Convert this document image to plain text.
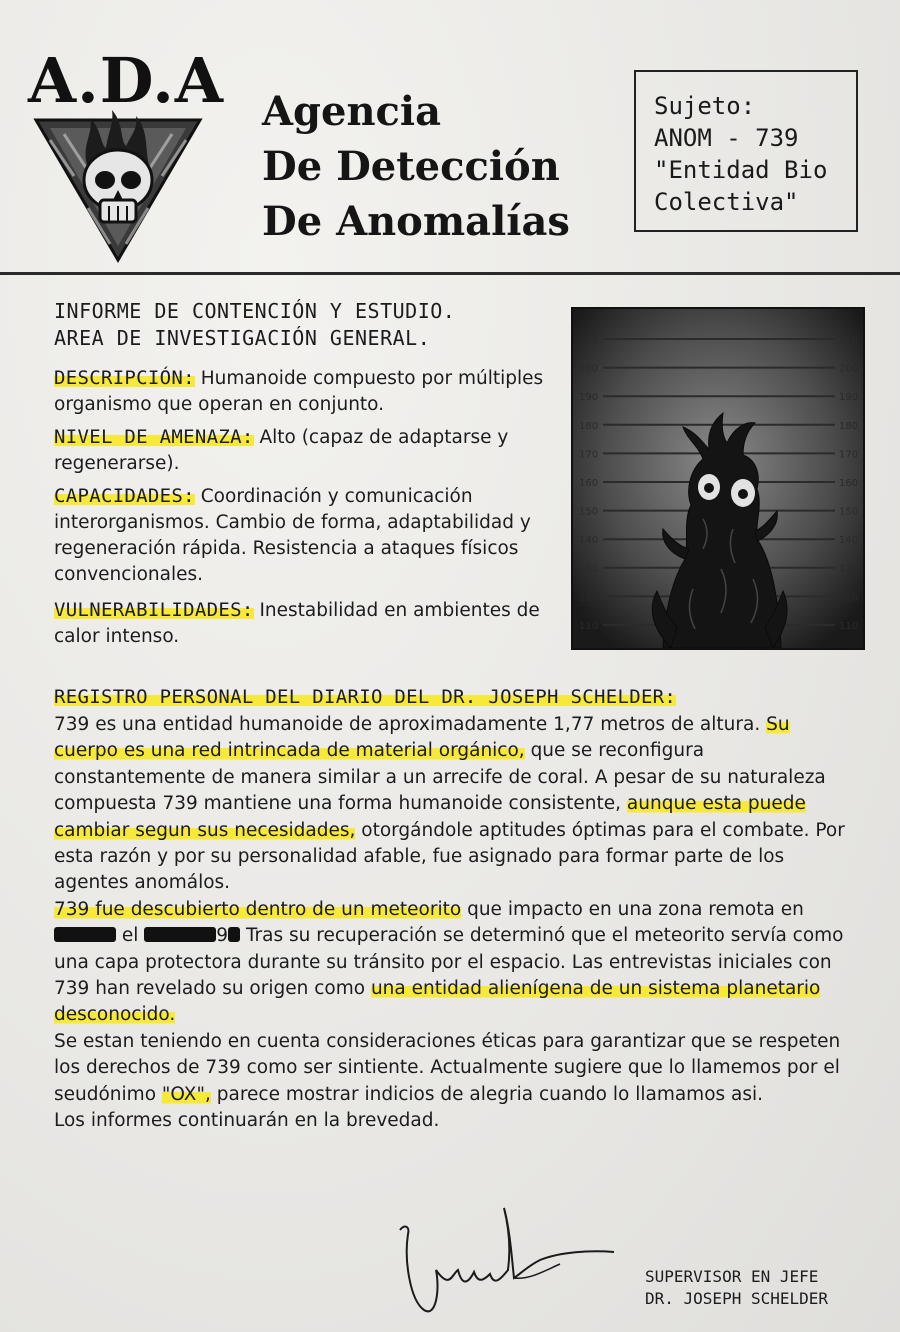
A.D.A Agencia
De Detección
De Anomalías
Sujeto:
ANOM - 739
"Entidad Bio
Colectiva"
INFORME DE CONTENCIÓN Y ESTUDIO.
AREA DE INVESTIGACIÓN GENERAL.
DESCRIPCIÓN: Humanoide compuesto por múltiples organismo que operan en conjunto.
NIVEL DE AMENAZA: Alto (capaz de adaptarse y regenerarse).
CAPACIDADES: Coordinación y comunicación interorganismos. Cambio de forma, adaptabilidad y regeneración rápida. Resistencia a ataques físicos convencionales.
VULNERABILIDADES: Inestabilidad en ambientes de calor intenso.
210	210
200	200
190	190
180	180
170	170
160	160
150	150
140	140
130	130
120	120
110	110
REGISTRO PERSONAL DEL DIARIO DEL DR. JOSEPH SCHELDER:
739 es una entidad humanoide de aproximadamente 1,77 metros de altura. Su cuerpo es una red intrincada de material orgánico, que se reconfigura constantemente de manera similar a un arrecife de coral. A pesar de su naturaleza compuesta 739 mantiene una forma humanoide consistente, aunque esta puede cambiar segun sus necesidades, otorgándole aptitudes óptimas para el combate. Por esta razón y por su personalidad afable, fue asignado para formar parte de los agentes anomálos.
739 fue descubierto dentro de un meteorito que impacto en una zona remota en  el	9 Tras su recuperación se determinó que el meteorito servía como una capa protectora durante su tránsito por el espacio. Las entrevistas iniciales con 739 han revelado su origen como una entidad alienígena de un sistema planetario desconocido.
Se estan teniendo en cuenta consideraciones éticas para garantizar que se respeten los derechos de 739 como ser sintiente. Actualmente sugiere que lo llamemos por el seudónimo "OX", parece mostrar indicios de alegria cuando lo llamamos asi.
Los informes continuarán en la brevedad.
SUPERVISOR EN JEFE
DR. JOSEPH SCHELDER
